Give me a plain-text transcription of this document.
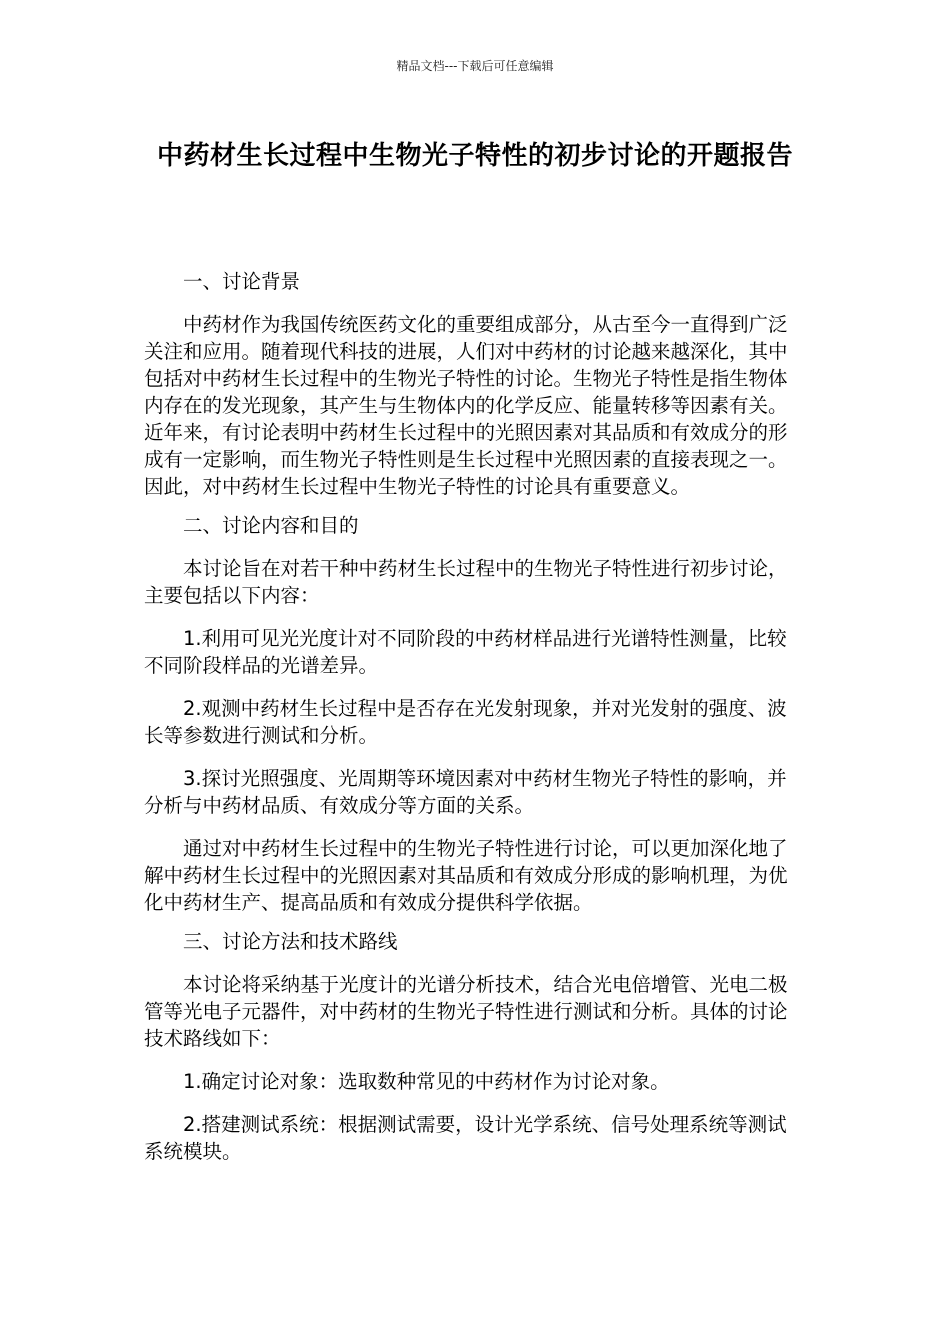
精品文档---下载后可任意编辑
中药材生长过程中生物光子特性的初步讨论的开题报告

一、讨论背景

中药材作为我国传统医药文化的重要组成部分，从古至今一直得到广泛关注和应用。随着现代科技的进展，人们对中药材的讨论越来越深化，其中包括对中药材生长过程中的生物光子特性的讨论。生物光子特性是指生物体内存在的发光现象，其产生与生物体内的化学反应、能量转移等因素有关。近年来，有讨论表明中药材生长过程中的光照因素对其品质和有效成分的形成有一定影响，而生物光子特性则是生长过程中光照因素的直接表现之一。因此，对中药材生长过程中生物光子特性的讨论具有重要意义。

二、讨论内容和目的

本讨论旨在对若干种中药材生长过程中的生物光子特性进行初步讨论，主要包括以下内容：

1.利用可见光光度计对不同阶段的中药材样品进行光谱特性测量，比较不同阶段样品的光谱差异。

2.观测中药材生长过程中是否存在光发射现象，并对光发射的强度、波长等参数进行测试和分析。

3.探讨光照强度、光周期等环境因素对中药材生物光子特性的影响，并分析与中药材品质、有效成分等方面的关系。

通过对中药材生长过程中的生物光子特性进行讨论，可以更加深化地了解中药材生长过程中的光照因素对其品质和有效成分形成的影响机理，为优化中药材生产、提高品质和有效成分提供科学依据。

三、讨论方法和技术路线

本讨论将采纳基于光度计的光谱分析技术，结合光电倍增管、光电二极管等光电子元器件，对中药材的生物光子特性进行测试和分析。具体的讨论技术路线如下：

1.确定讨论对象：选取数种常见的中药材作为讨论对象。

2.搭建测试系统：根据测试需要，设计光学系统、信号处理系统等测试系统模块。
